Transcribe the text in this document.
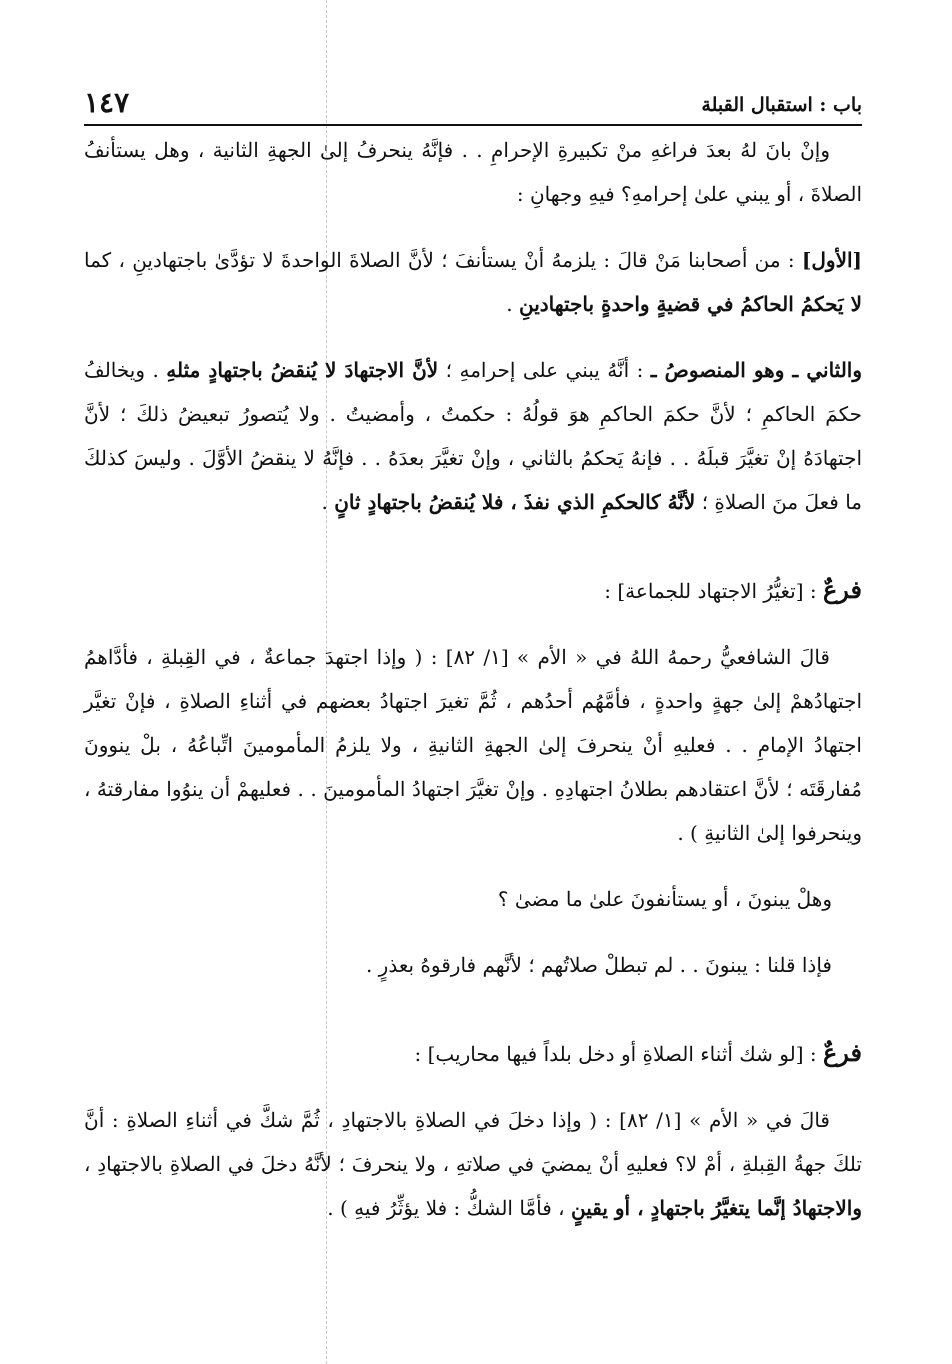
باب : استقبال القبلة
١٤٧

وإنْ بانَ لهُ بعدَ فراغهِ منْ تكبيرةِ الإحرامِ . . فإنَّهُ ينحرفُ إلىٰ الجهةِ الثانية ، وهل يستأنفُ الصلاةَ ، أو يبني علىٰ إحرامهِ؟ فيهِ وجهانِ :

[الأول] : من أصحابنا مَنْ قالَ : يلزمهُ أنْ يستأنفَ ؛ لأنَّ الصلاةَ الواحدةَ لا تؤدَّىٰ باجتهادينِ ، كما لا يَحكمُ الحاكمُ في قضيةٍ واحدةٍ باجتهادينِ .

والثاني ـ وهو المنصوصُ ـ : أنَّهُ يبني على إحرامهِ ؛ لأنَّ الاجتهادَ لا يُنقضُ باجتهادٍ مثلهِ . ويخالفُ حكمَ الحاكمِ ؛ لأنَّ حكمَ الحاكمِ هوَ قولُهُ : حكمتُ ، وأمضيتُ . ولا يُتصورُ تبعيضُ ذلكَ ؛ لأنَّ اجتهادَهُ إنْ تغيَّرَ قبلَهُ . . فإنهُ يَحكمُ بالثاني ، وإنْ تغيَّرَ بعدَهُ . . فإنَّهُ لا ينقضُ الأوَّلَ . وليسَ كذلكَ ما فعلَ منَ الصلاةِ ؛ لأنَّهُ كالحكمِ الذي نفذَ ، فلا يُنقضُ باجتهادٍ ثانٍ .

فرعٌ : [تغيُّرُ الاجتهاد للجماعة] :

قالَ الشافعيُّ رحمهُ اللهُ في « الأم » [١/ ٨٢] : ( وإذا اجتهدَ جماعةٌ ، في القِبلةِ ، فأدَّاهمُ اجتهادُهمْ إلىٰ جهةٍ واحدةٍ ، فأمَّهُم أحدُهم ، ثُمَّ تغيرَ اجتهادُ بعضهم في أثناءِ الصلاةِ ، فإنْ تغيَّر اجتهادُ الإمامِ . . فعليهِ أنْ ينحرفَ إلىٰ الجهةِ الثانيةِ ، ولا يلزمُ المأمومينَ اتِّباعُهُ ، بلْ ينوونَ مُفارقَتَه ؛ لأنَّ اعتقادهم بطلانُ اجتهادِهِ . وإنْ تغيَّرَ اجتهادُ المأمومينَ . . فعليهمْ أن ينوُوا مفارقتهُ ، وينحرفوا إلىٰ الثانيةِ ) .

وهلْ يبنونَ ، أو يستأنفونَ علىٰ ما مضىٰ ؟

فإذا قلنا : يبنونَ . . لم تبطلْ صلاتُهم ؛ لأنَّهم فارقوهُ بعذرٍ .

فرعٌ : [لو شك أثناء الصلاةِ أو دخل بلداً فيها محاريب] :

قالَ في « الأم » [١/ ٨٢] : ( وإذا دخلَ في الصلاةِ بالاجتهادِ ، ثُمَّ شكَّ في أثناءِ الصلاةِ : أنَّ تلكَ جهةُ القِبلةِ ، أمْ لا؟ فعليهِ أنْ يمضيَ في صلاتهِ ، ولا ينحرفَ ؛ لأنَّهُ دخلَ في الصلاةِ بالاجتهادِ ، والاجتهادُ إنَّما يتغيَّرُ باجتهادٍ ، أو يقينٍ ، فأمَّا الشكُّ : فلا يؤثِّرُ فيهِ ) .
